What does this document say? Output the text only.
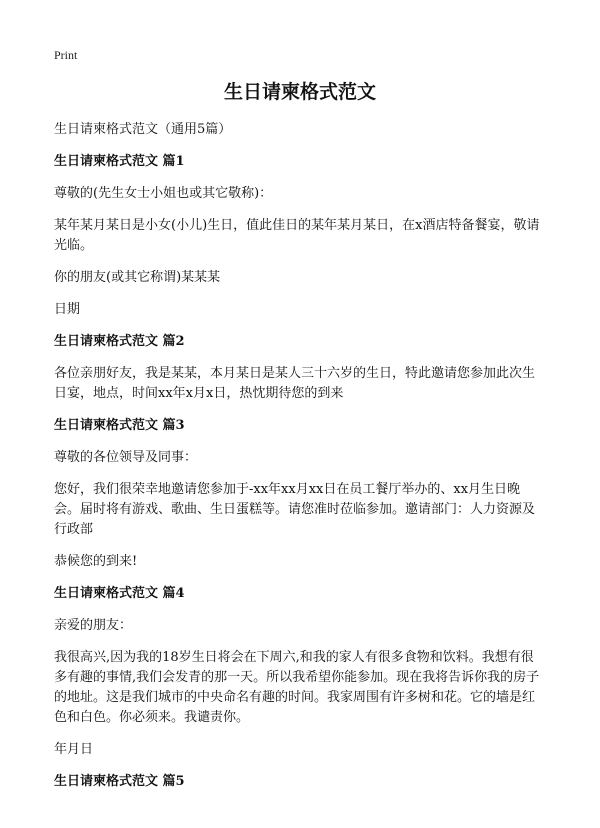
Print
生日请柬格式范文
生日请柬格式范文（通用5篇）
生日请柬格式范文 篇1
尊敬的(先生女士小姐也或其它敬称)：
某年某月某日是小女(小儿)生日，值此佳日的某年某月某日，在x酒店特备餐宴，敬请光临。
你的朋友(或其它称谓)某某某
日期
生日请柬格式范文 篇2
各位亲朋好友，我是某某，本月某日是某人三十六岁的生日，特此邀请您参加此次生日宴，地点，时间xx年x月x日，热忱期待您的到来
生日请柬格式范文 篇3
尊敬的各位领导及同事：
您好，我们很荣幸地邀请您参加于-xx年xx月xx日在员工餐厅举办的、xx月生日晚会。届时将有游戏、歌曲、生日蛋糕等。请您准时莅临参加。邀请部门：人力资源及行政部
恭候您的到来!
生日请柬格式范文 篇4
亲爱的朋友：
我很高兴,因为我的18岁生日将会在下周六,和我的家人有很多食物和饮料。我想有很多有趣的事情,我们会发青的那一天。所以我希望你能参加。现在我将告诉你我的房子的地址。这是我们城市的中央命名有趣的时间。我家周围有许多树和花。它的墙是红色和白色。你必须来。我谴责你。
年月日
生日请柬格式范文 篇5
